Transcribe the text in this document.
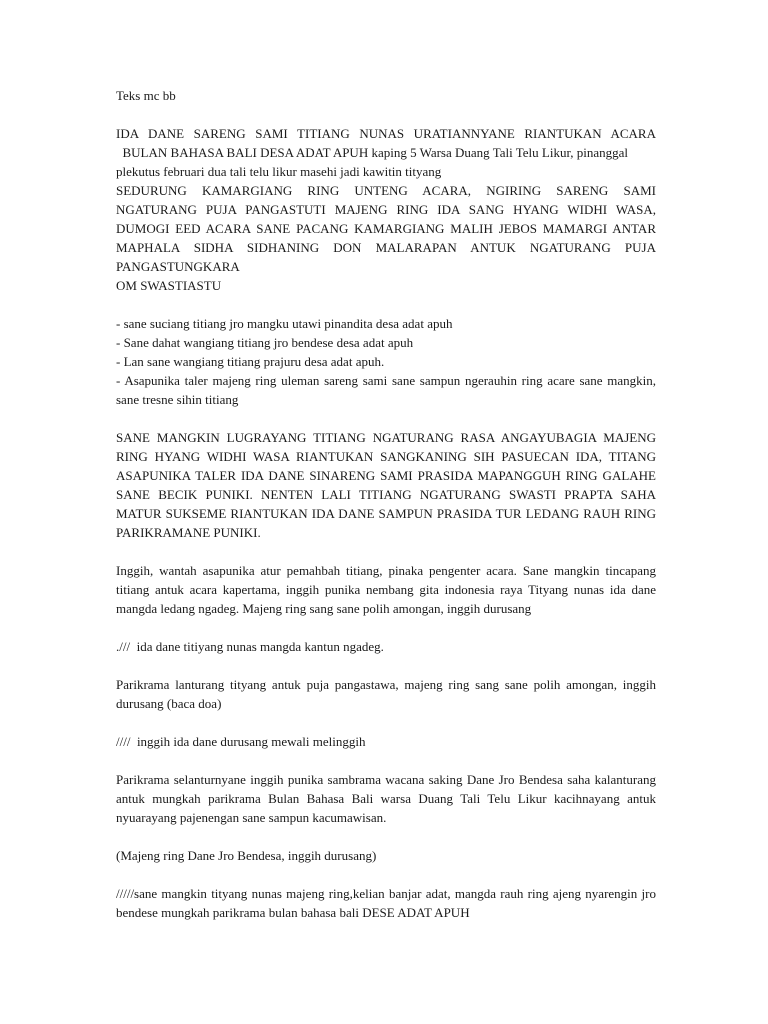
Teks mc bb

IDA DANE SARENG SAMI TITIANG NUNAS URATIANNYANE RIANTUKAN ACARA

BULAN BAHASA BALI DESA ADAT APUH kaping 5 Warsa Duang Tali Telu Likur, pinanggal

plekutus februari dua tali telu likur masehi jadi kawitin tityang

SEDURUNG KAMARGIANG RING UNTENG ACARA, NGIRING SARENG SAMI NGATURANG PUJA PANGASTUTI MAJENG RING IDA SANG HYANG WIDHI WASA, DUMOGI EED ACARA SANE PACANG KAMARGIANG MALIH JEBOS MAMARGI ANTAR MAPHALA SIDHA SIDHANING DON MALARAPAN ANTUK NGATURANG PUJA PANGASTUNGKARA

OM SWASTIASTU

- sane suciang titiang jro mangku utawi pinandita desa adat apuh

- Sane dahat wangiang titiang jro bendese desa adat apuh

- Lan sane wangiang titiang prajuru desa adat apuh.

- Asapunika taler majeng ring uleman sareng sami sane sampun ngerauhin ring acare sane mangkin, sane tresne sihin titiang

SANE MANGKIN LUGRAYANG TITIANG NGATURANG RASA ANGAYUBAGIA MAJENG RING HYANG WIDHI WASA RIANTUKAN SANGKANING SIH PASUECAN IDA, TITANG ASAPUNIKA TALER IDA DANE SINARENG SAMI PRASIDA MAPANGGUH RING GALAHE SANE BECIK PUNIKI. NENTEN LALI TITIANG NGATURANG SWASTI PRAPTA SAHA MATUR SUKSEME RIANTUKAN IDA DANE SAMPUN PRASIDA TUR LEDANG RAUH RING PARIKRAMANE PUNIKI.

Inggih, wantah asapunika atur pemahbah titiang, pinaka pengenter acara. Sane mangkin tincapang titiang antuk acara kapertama, inggih punika nembang gita indonesia raya Tityang nunas ida dane mangda ledang ngadeg. Majeng ring sang sane polih amongan, inggih durusang

.///  ida dane titiyang nunas mangda kantun ngadeg.

Parikrama lanturang tityang antuk puja pangastawa, majeng ring sang sane polih amongan, inggih durusang (baca doa)

////  inggih ida dane durusang mewali melinggih

Parikrama selanturnyane inggih punika sambrama wacana saking Dane Jro Bendesa saha kalanturang antuk mungkah parikrama Bulan Bahasa Bali warsa Duang Tali Telu Likur kacihnayang antuk nyuarayang pajenengan sane sampun kacumawisan.

(Majeng ring Dane Jro Bendesa, inggih durusang)

/////sane mangkin tityang nunas majeng ring,kelian banjar adat, mangda rauh ring ajeng nyarengin jro bendese mungkah parikrama bulan bahasa bali DESE ADAT APUH
